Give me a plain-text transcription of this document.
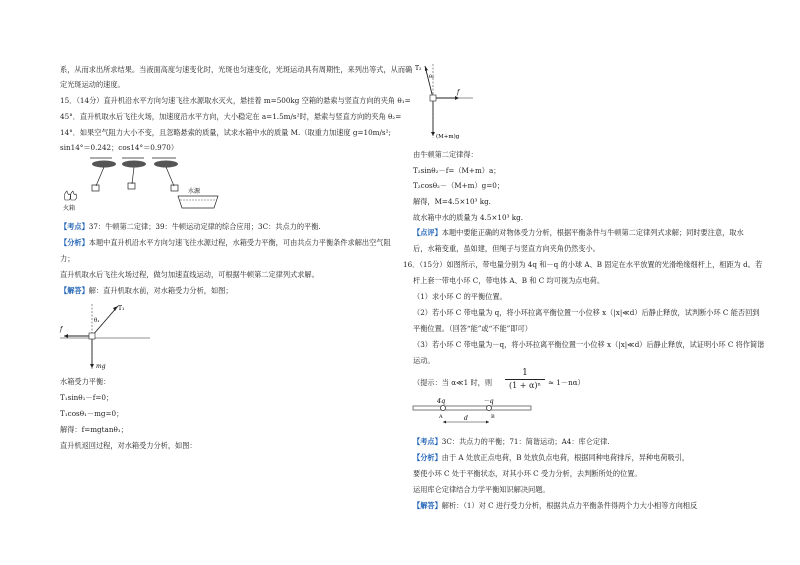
系，从而求出所求结果。当液面高度匀速变化时，光斑也匀速变化，光斑运动具有周期性，来列出等式，从而确
定光斑运动的速度。
15．（14分）直升机沿水平方向匀速飞往水源取水灭火，悬挂着 m=500kg 空箱的悬索与竖直方向的夹角 θ₁=
45°．直升机取水后飞往火场，加速度沿水平方向，大小稳定在 a=1.5m/s²时，悬索与竖直方向的夹角 θ₂=
14°．如果空气阻力大小不变，且忽略悬索的质量，试求水箱中水的质量 M.（取重力加速度 g=10m/s²;
sin14°＝0.242；cos14°＝0.970）
火箱
水源
【考点】37：牛顿第二定律；39：牛顿运动定律的综合应用；3C：共点力的平衡.
【分析】本题中直升机沿水平方向匀速飞往水源过程，水箱受力平衡，可由共点力平衡条件求解出空气阻
力；
直升机取水后飞往火场过程，做匀加速直线运动，可根据牛顿第二定律列式求解。
【解答】解：直升机取水前，对水箱受力分析，如图；
T₁
θ₁
f
mg
水箱受力平衡：
T₁sinθ₁－f=0；
T₁cosθ₁－mg=0；
解得：f=mgtanθ₁；
直升机返回过程，对水箱受力分析，如图：
T₂
θ₂
f
(M+m)g
由牛顿第二定律得：
T₂sinθ₂－f=（M+m）a；
T₂cosθ₂－（M+m）g=0；
解得，M=4.5×10³ kg.
故水箱中水的质量为 4.5×10³ kg.
【点评】本题中要能正确的对物体受力分析，根据平衡条件与牛顿第二定律列式求解；同时要注意，取水
后，水箱变重，虽如建，但绳子与竖直方向夹角仍然变小。
16．（15分）如图所示，带电量分别为 4q 和－q 的小球 A、B 固定在水平放置的光滑绝缘细杆上，相距为 d。若
杆上套一带电小环 C，带电体 A、B 和 C 均可视为点电荷。
（1）求小环 C 的平衡位置。
（2）若小环 C 带电量为 q，将小环拉离平衡位置一小位移 x（|x|≪d）后静止释放，试判断小环 C 能否回到
平衡位置。（回答“能”或“不能”即可）
（3）若小环 C 带电量为－q，将小环拉离平衡位置一小位移 x（|x|≪d）后静止释放，试证明小环 C 将作简谐
运动。
（提示：当 α≪1 时，则 $\frac{1}{\text{(1 + α)ⁿ}} \approx 1-n\alpha$）
4q	－q
A	B
d
【考点】3C：共点力的平衡；71：简谐运动；A4：库仑定律.
【分析】由于 A 处放正点电荷，B 处放负点电荷，根据同种电荷排斥，异种电荷吸引，
要使小环 C 处于平衡状态，对其小环 C 受力分析，去判断所处的位置。
运用库仑定律结合力学平衡知识解决问题。
【解答】解析：（1）对 C 进行受力分析，根据共点力平衡条件得两个力大小相等方向相反
